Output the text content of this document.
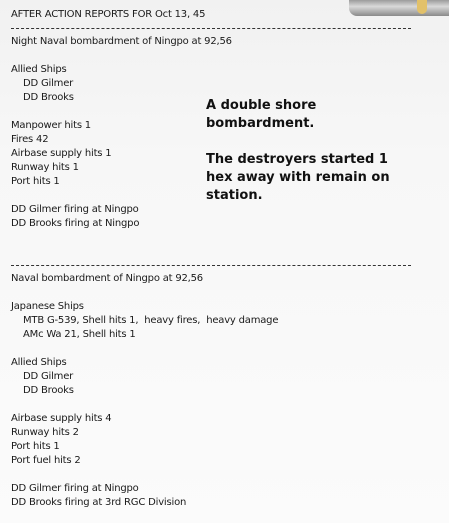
AFTER ACTION REPORTS FOR Oct 13, 45
Night Naval bombardment of Ningpo at 92,56
Allied Ships
DD Gilmer
DD Brooks
Manpower hits 1
Fires 42
Airbase supply hits 1
Runway hits 1
Port hits 1
DD Gilmer firing at Ningpo
DD Brooks firing at Ningpo
Naval bombardment of Ningpo at 92,56
Japanese Ships
MTB G-539, Shell hits 1,  heavy fires,  heavy damage
AMc Wa 21, Shell hits 1
Allied Ships
DD Gilmer
DD Brooks
Airbase supply hits 4
Runway hits 2
Port hits 1
Port fuel hits 2
DD Gilmer firing at Ningpo
DD Brooks firing at 3rd RGC Division

A double shore bombardment.

The destroyers started 1 hex away with remain on station.
